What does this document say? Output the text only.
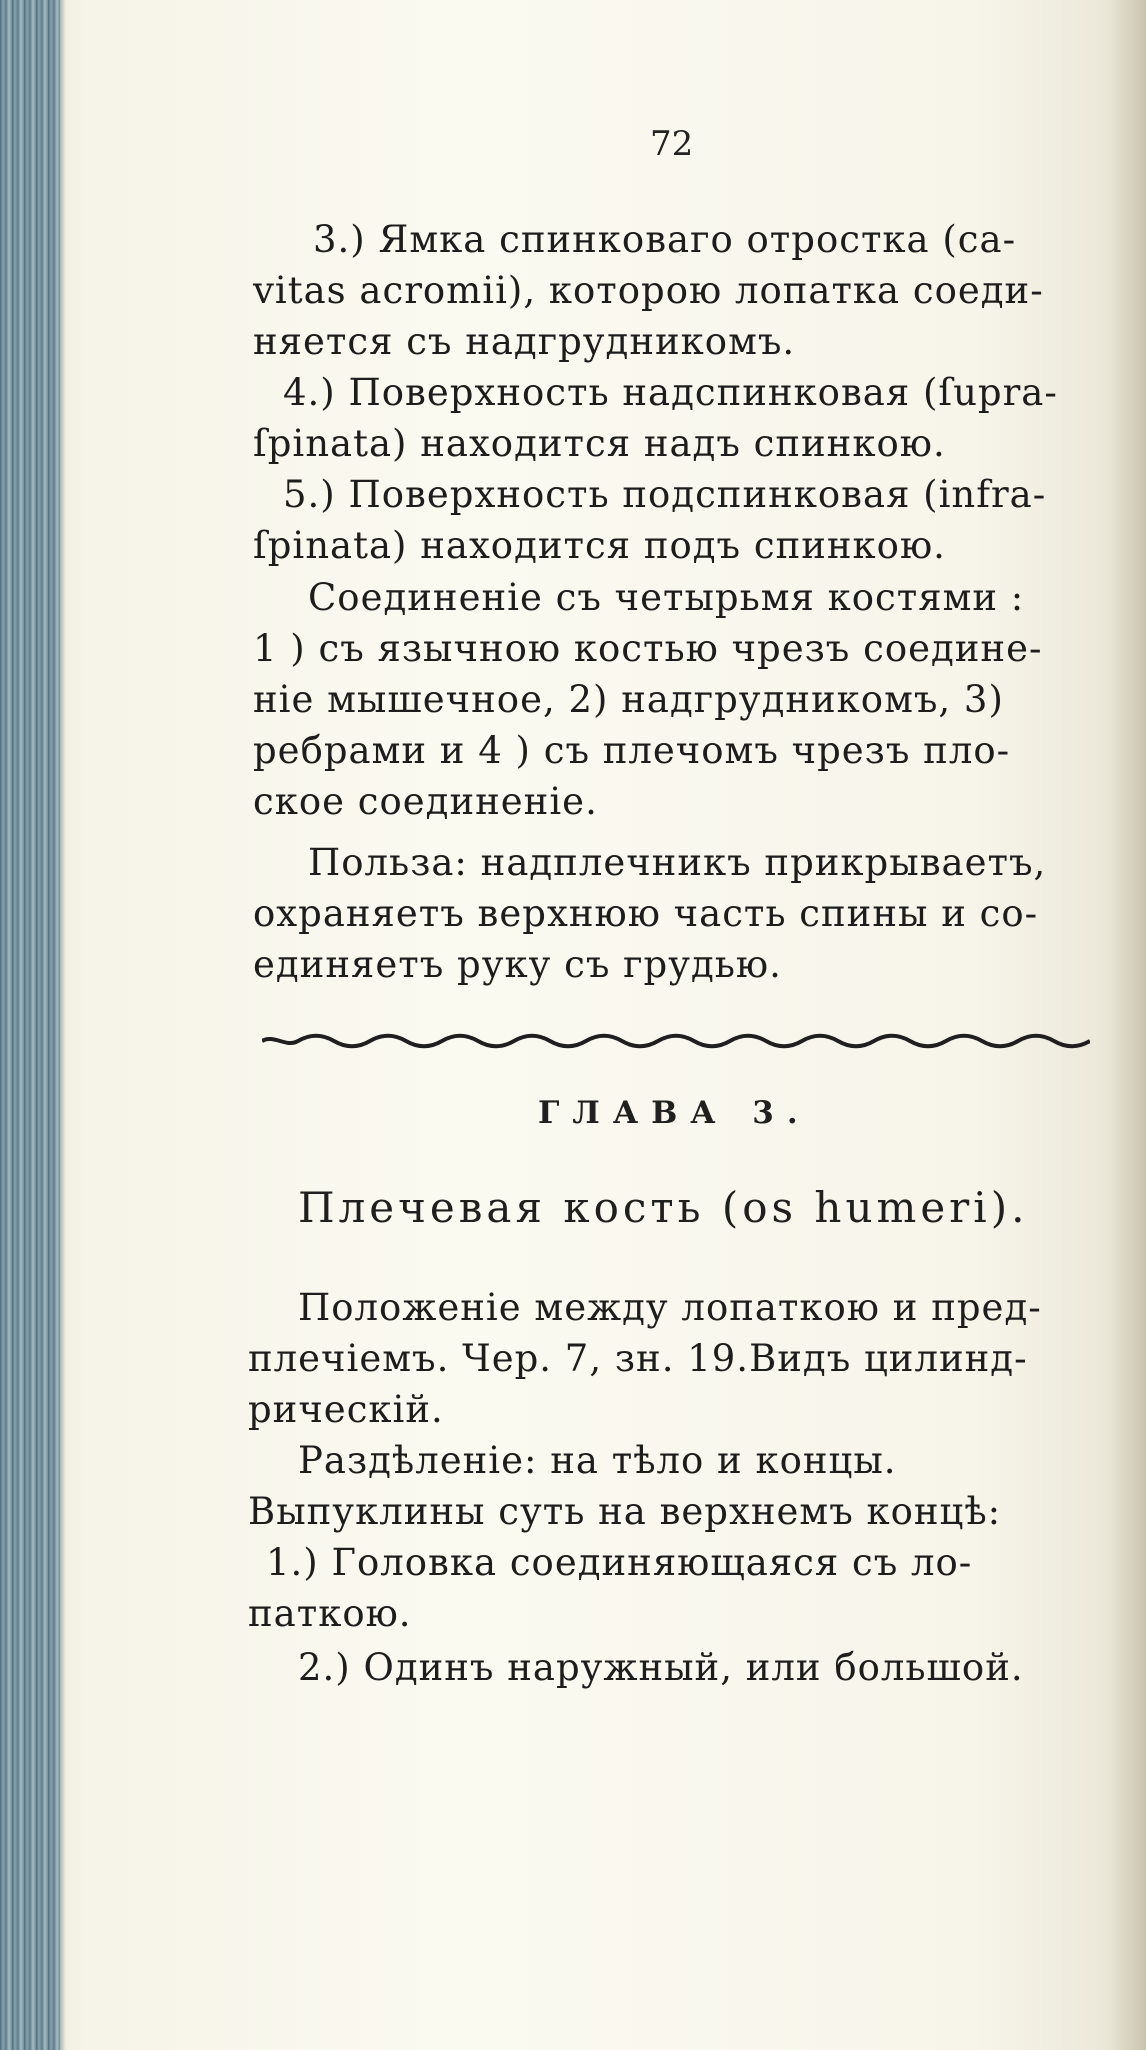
72
3.) Ямка спинковаго отростка (ca-
vitas acromii), которою лопатка соеди-
няется съ надгрудникомъ.
4.) Поверхность надспинковая (ſupra-
ſpinata) находится надъ спинкою.
5.) Поверхность подспинковая (infra-
ſpinata) находится подъ спинкою.
Соединеніе съ четырьмя костями :
1 ) съ язычною костью чрезъ соедине-
ніе мышечное, 2) надгрудникомъ, 3)
ребрами и 4 ) съ плечомъ чрезъ пло-
ское соединеніе.
Польза: надплечникъ прикрываетъ,
охраняетъ верхнюю часть спины и со-
единяетъ руку съ грудью.
ГЛАВА 3.
Плечевая кость (os humeri).
Положеніе между лопаткою и пред-
плечіемъ. Чер. 7, зн. 19.Видъ цилинд-
рическій.
Раздѣленіе: на тѣло и концы.
Выпуклины суть на верхнемъ концѣ:
1.) Головка соединяющаяся съ ло-
паткою.
2.) Одинъ наружный, или большой.
